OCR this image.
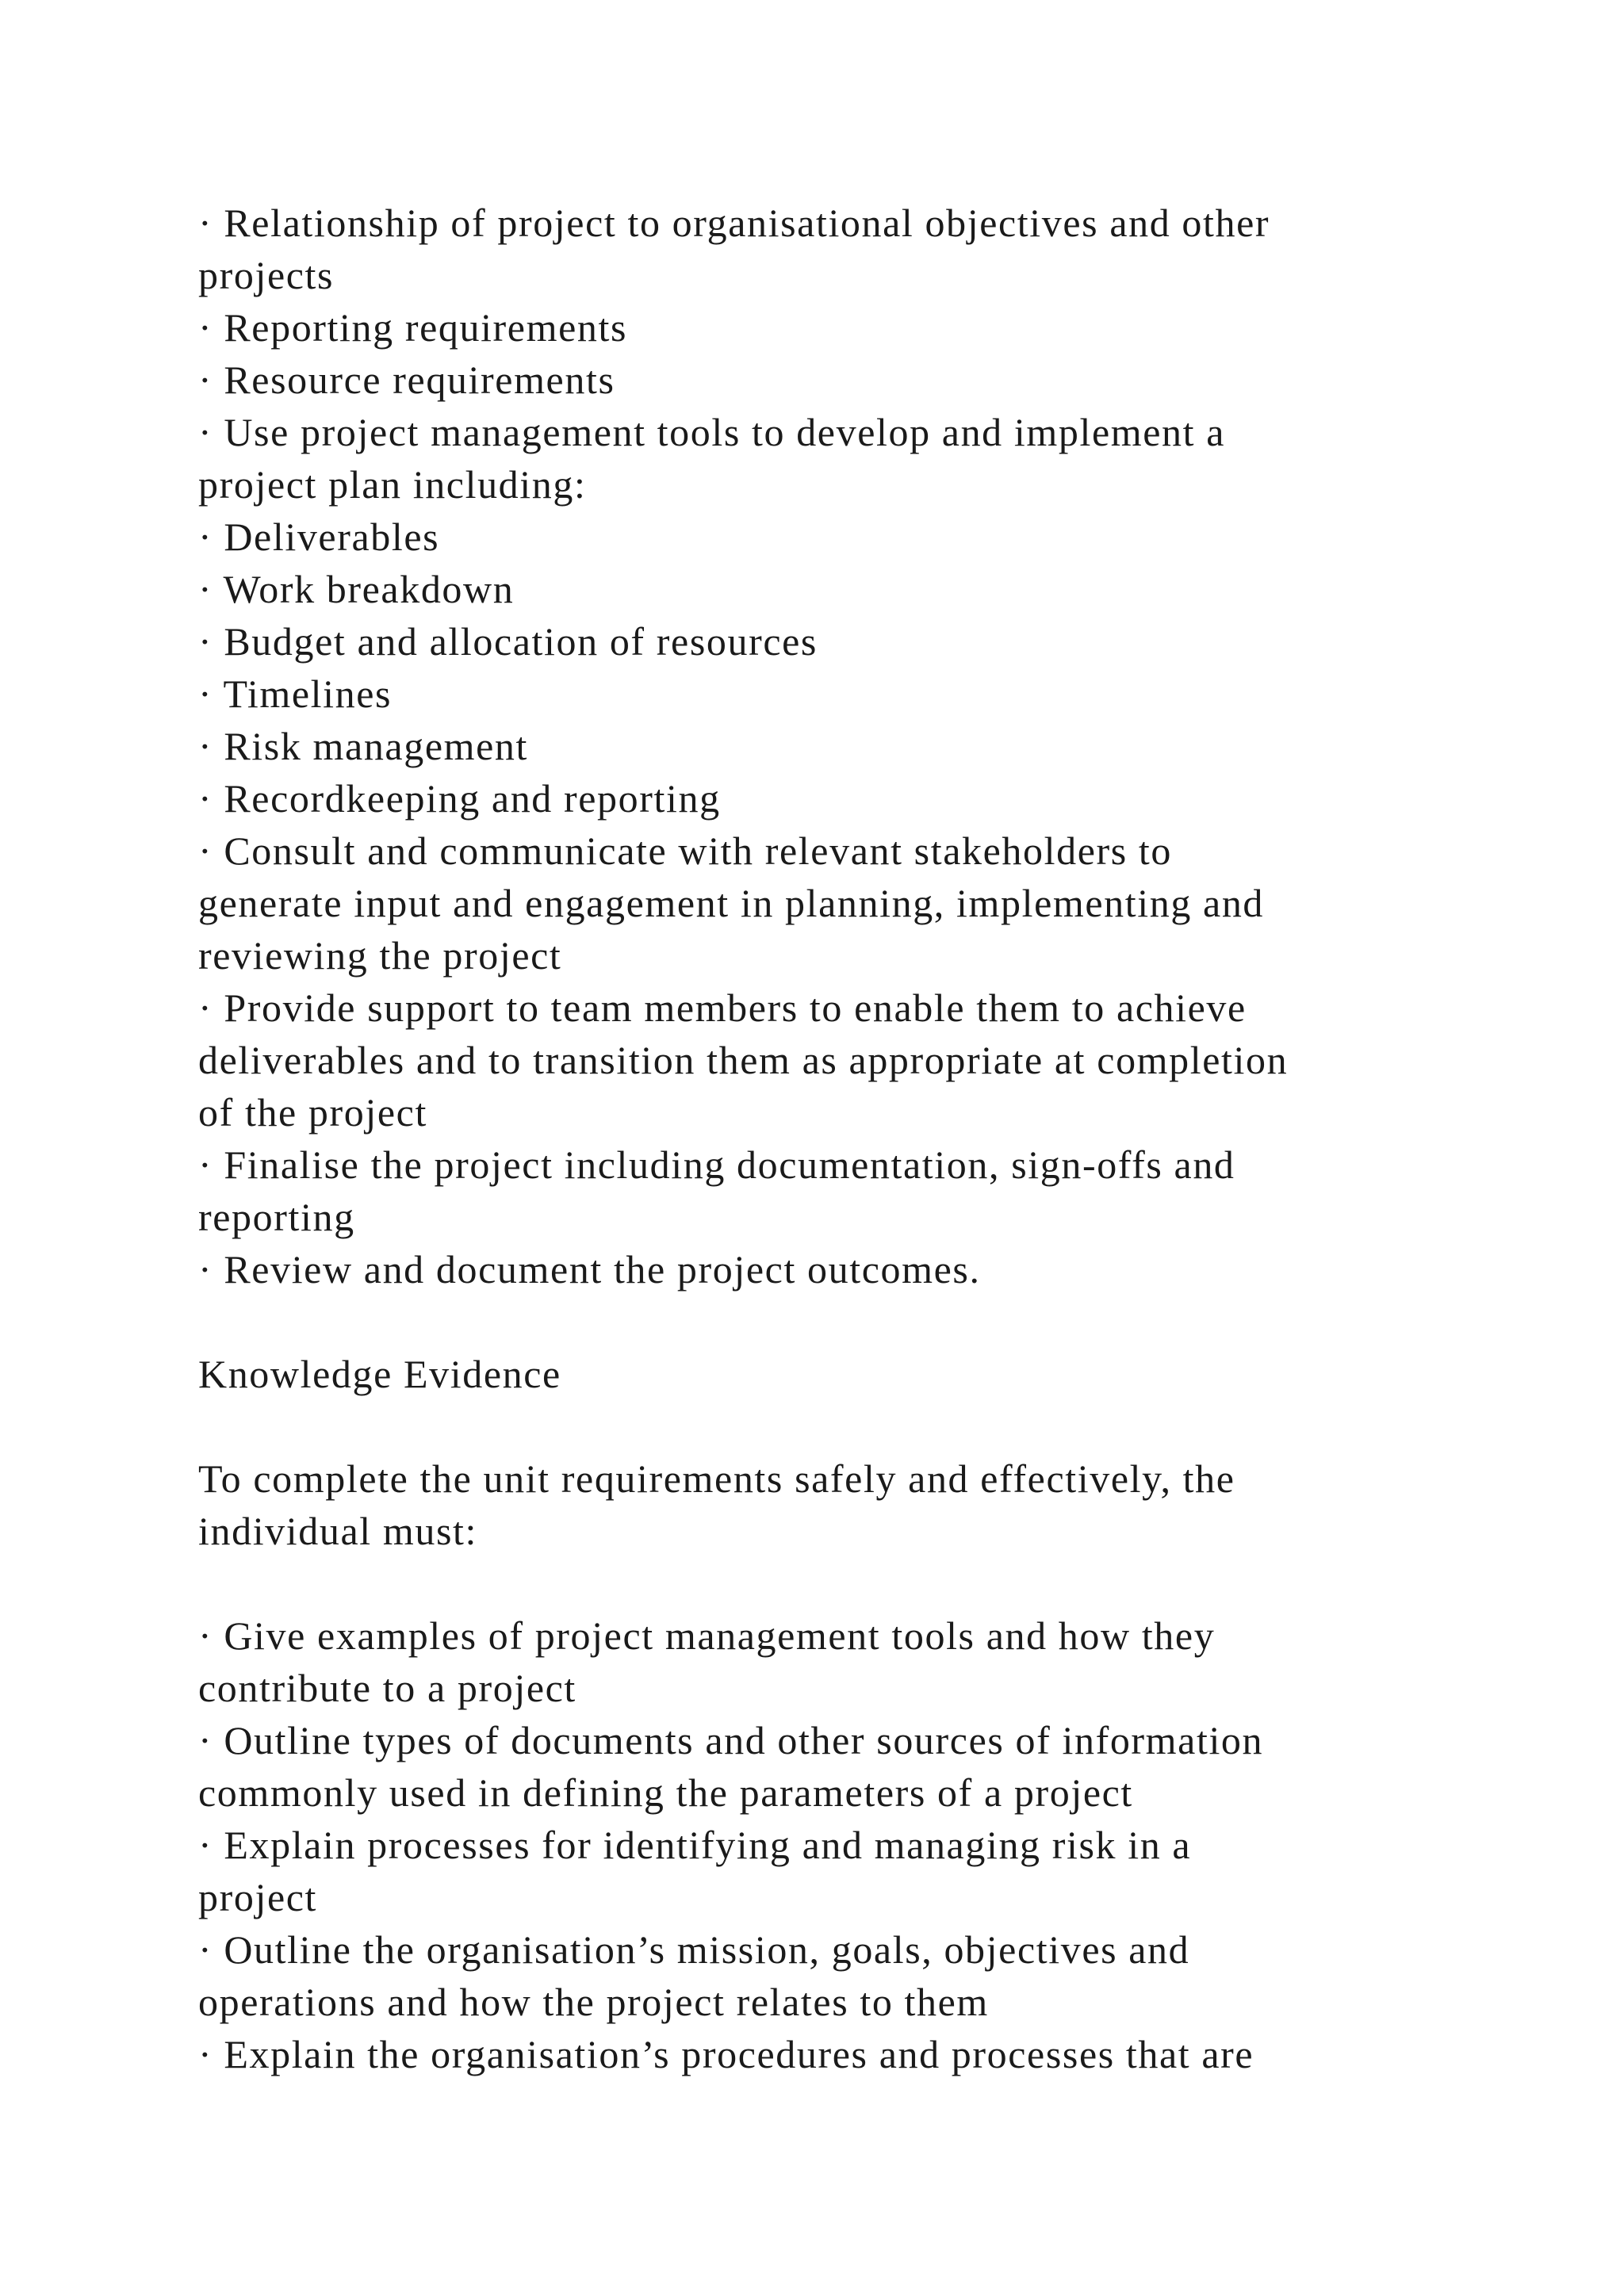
· Relationship of project to organisational objectives and other
projects
· Reporting requirements
· Resource requirements
· Use project management tools to develop and implement a
project plan including:
· Deliverables
· Work breakdown
· Budget and allocation of resources
· Timelines
· Risk management
· Recordkeeping and reporting
· Consult and communicate with relevant stakeholders to
generate input and engagement in planning, implementing and
reviewing the project
· Provide support to team members to enable them to achieve
deliverables and to transition them as appropriate at completion
of the project
· Finalise the project including documentation, sign-offs and
reporting
· Review and document the project outcomes.
Knowledge Evidence
To complete the unit requirements safely and effectively, the
individual must:
· Give examples of project management tools and how they
contribute to a project
· Outline types of documents and other sources of information
commonly used in defining the parameters of a project
· Explain processes for identifying and managing risk in a
project
· Outline the organisation’s mission, goals, objectives and
operations and how the project relates to them
· Explain the organisation’s procedures and processes that are
